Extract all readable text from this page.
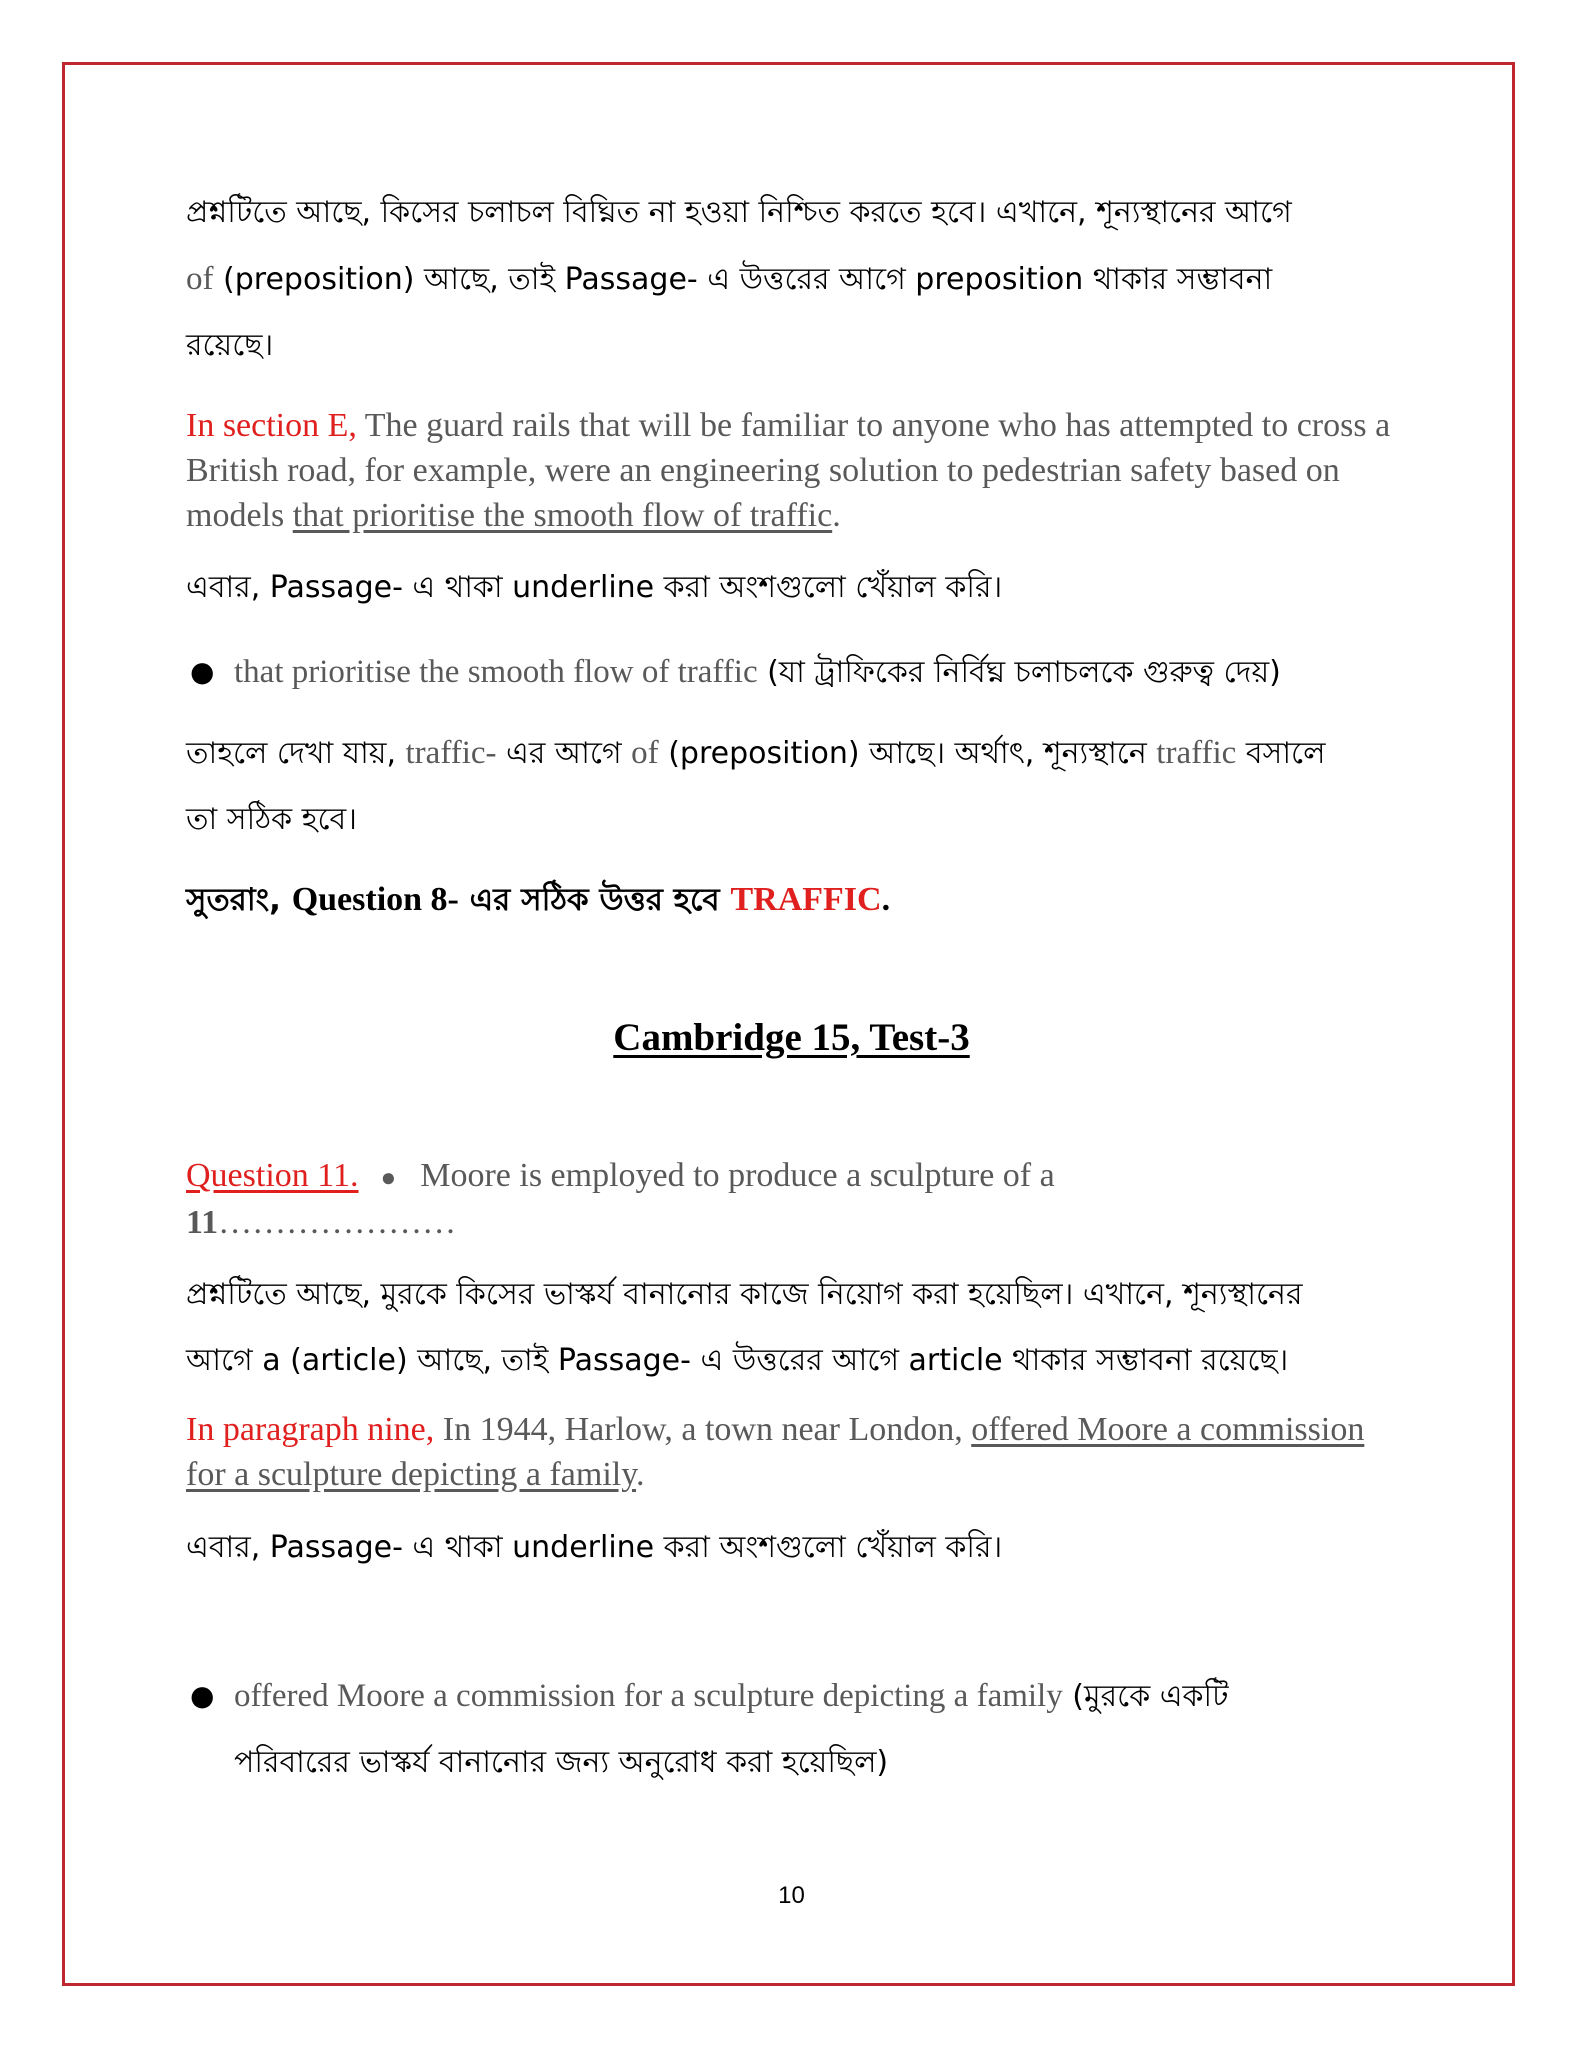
প্রশ্নটিতে আছে, কিসের চলাচল বিঘ্নিত না হওয়া নিশ্চিত করতে হবে। এখানে, শূন্যস্থানের আগে
of (preposition) আছে, তাই Passage- এ উত্তরের আগে preposition থাকার সম্ভাবনা
রয়েছে।
In section E, The guard rails that will be familiar to anyone who has attempted to cross a British road, for example, were an engineering solution to pedestrian safety based on models that prioritise the smooth flow of traffic.
এবার, Passage- এ থাকা underline করা অংশগুলো খেঁয়াল করি।
● that prioritise the smooth flow of traffic (যা ট্রাফিকের নির্বিঘ্ন চলাচলকে গুরুত্ব দেয়)
তাহলে দেখা যায়, traffic- এর আগে of (preposition) আছে। অর্থাৎ, শূন্যস্থানে traffic বসালে
তা সঠিক হবে।
সুতরাং, Question 8- এর সঠিক উত্তর হবে TRAFFIC.
Cambridge 15, Test-3
Question 11. ● Moore is employed to produce a sculpture of a
11…………………
প্রশ্নটিতে আছে, মুরকে কিসের ভাস্কর্য বানানোর কাজে নিয়োগ করা হয়েছিল। এখানে, শূন্যস্থানের
আগে a (article) আছে, তাই Passage- এ উত্তরের আগে article থাকার সম্ভাবনা রয়েছে।
In paragraph nine, In 1944, Harlow, a town near London, offered Moore a commission for a sculpture depicting a family.
এবার, Passage- এ থাকা underline করা অংশগুলো খেঁয়াল করি।
● offered Moore a commission for a sculpture depicting a family (মুরকে একটি
পরিবারের ভাস্কর্য বানানোর জন্য অনুরোধ করা হয়েছিল)
10
